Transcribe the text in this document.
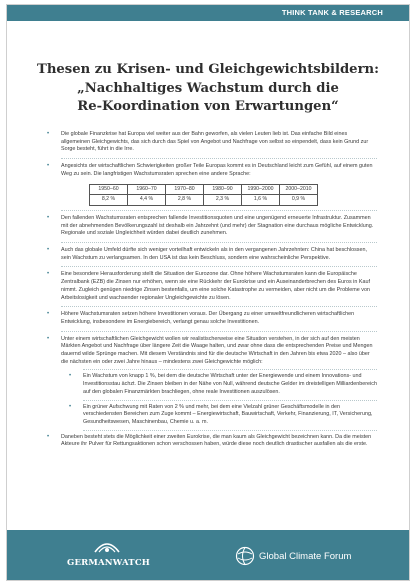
THINK TANK & RESEARCH
Thesen zu Krisen- und Gleichgewichtsbildern:
„Nachhaltiges Wachstum durch die
Re-Koordination von Erwartungen“
• Die globale Finanzkrise hat Europa viel weiter aus der Bahn geworfen, als vielen Leuten lieb ist. Das einfache Bild eines allgemeinen Gleichgewichts, das sich durch das Spiel von Angebot und Nachfrage von selbst so einpendelt, dass kein Grund zur Sorge besteht, führt in die Irre.
• Angesichts der wirtschaftlichen Schwierigkeiten großer Teile Europas kommt es in Deutschland leicht zum Gefühl, auf einem guten Weg zu sein. Die langfristigen Wachstumsraten sprechen eine andere Sprache:
1950–60	1960–70	1970–80	1980–90	1990–2000	2000–2010
8,2 %	4,4 %	2,8 %	2,3 %	1,6 %	0,9 %
• Den fallenden Wachstumsraten entsprechen fallende Investitionsquoten und eine ungenügend erneuerte Infrastruktur. Zusammen mit der abnehmenden Bevölkerungszahl ist deshalb ein Jahrzehnt (und mehr) der Stagnation eine durchaus mögliche Entwicklung. Regionale und soziale Ungleichheit würden dabei deutlich zunehmen.
• Auch das globale Umfeld dürfte sich weniger vorteilhaft entwickeln als in den vergangenen Jahrzehnten: China hat beschlossen, sein Wachstum zu verlangsamen. In den USA ist das kein Beschluss, sondern eine wahrscheinliche Perspektive.
• Eine besondere Herausforderung stellt die Situation der Eurozone dar. Ohne höhere Wachstumsraten kann die Europäische Zentralbank (EZB) die Zinsen nur erhöhen, wenn sie eine Rückkehr der Eurokrise und ein Auseinanderbrechen des Euros in Kauf nimmt. Zugleich genügen niedrige Zinsen bestenfalls, um eine solche Katastrophe zu vermeiden, aber nicht um die Probleme von Arbeitslosigkeit und wachsender regionaler Ungleichgewichte zu lösen.
• Höhere Wachstumsraten setzen höhere Investitionen voraus. Der Übergang zu einer umweltfreundlicheren wirtschaftlichen Entwicklung, insbesondere im Energiebereich, verlangt genau solche Investitionen.
• Unter einem wirtschaftlichen Gleichgewicht wollen wir realistischerweise eine Situation verstehen, in der sich auf den meisten Märkten Angebot und Nachfrage über längere Zeit die Waage halten, und zwar ohne dass die entsprechenden Preise und Mengen dauernd wilde Sprünge machen. Mit diesem Verständnis sind für die deutsche Wirtschaft in den Jahren bis etwa 2020 – also über die nächsten ein oder zwei Jahre hinaus – mindestens zwei Gleichgewichte möglich:
• Ein Wachstum von knapp 1 %, bei dem die deutsche Wirtschaft unter der Energiewende und einem Innovations- und Investitionsstau ächzt. Die Zinsen bleiben in der Nähe von Null, während deutsche Gelder im dreistelligen Milliardenbereich auf den globalen Finanzmärkten brachliegen, ohne reale Investitionen auszulösen.
• Ein grüner Aufschwung mit Raten von 2 % und mehr, bei dem eine Vielzahl grüner Geschäftsmodelle in den verschiedensten Bereichen zum Zuge kommt – Energiewirtschaft, Bauwirtschaft, Verkehr, Finanzierung, IT, Versicherung, Gesundheitswesen, Maschinenbau, Chemie u. a. m.
• Daneben besteht stets die Möglichkeit einer zweiten Eurokrise, die man kaum als Gleichgewicht bezeichnen kann. Da die meisten Akteure ihr Pulver für Rettungsaktionen schon verschossen haben, würde diese noch deutlich drastischer ausfallen als die erste.
GERMANWATCH
Global Climate Forum
